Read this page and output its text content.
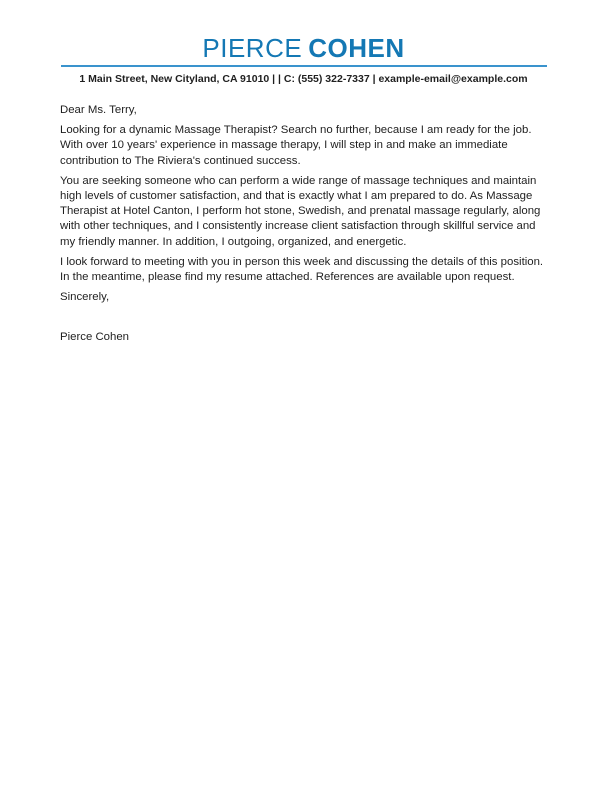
PIERCE COHEN
1 Main Street, New Cityland, CA 91010 | | C: (555) 322-7337 | example-email@example.com
Dear Ms. Terry,

Looking for a dynamic Massage Therapist? Search no further, because I am ready for the job. With over 10 years' experience in massage therapy, I will step in and make an immediate contribution to The Riviera's continued success.

You are seeking someone who can perform a wide range of massage techniques and maintain high levels of customer satisfaction, and that is exactly what I am prepared to do. As Massage Therapist at Hotel Canton, I perform hot stone, Swedish, and prenatal massage regularly, along with other techniques, and I consistently increase client satisfaction through skillful service and my friendly manner. In addition, I outgoing, organized, and energetic.

I look forward to meeting with you in person this week and discussing the details of this position. In the meantime, please find my resume attached. References are available upon request.

Sincerely,
Pierce Cohen
